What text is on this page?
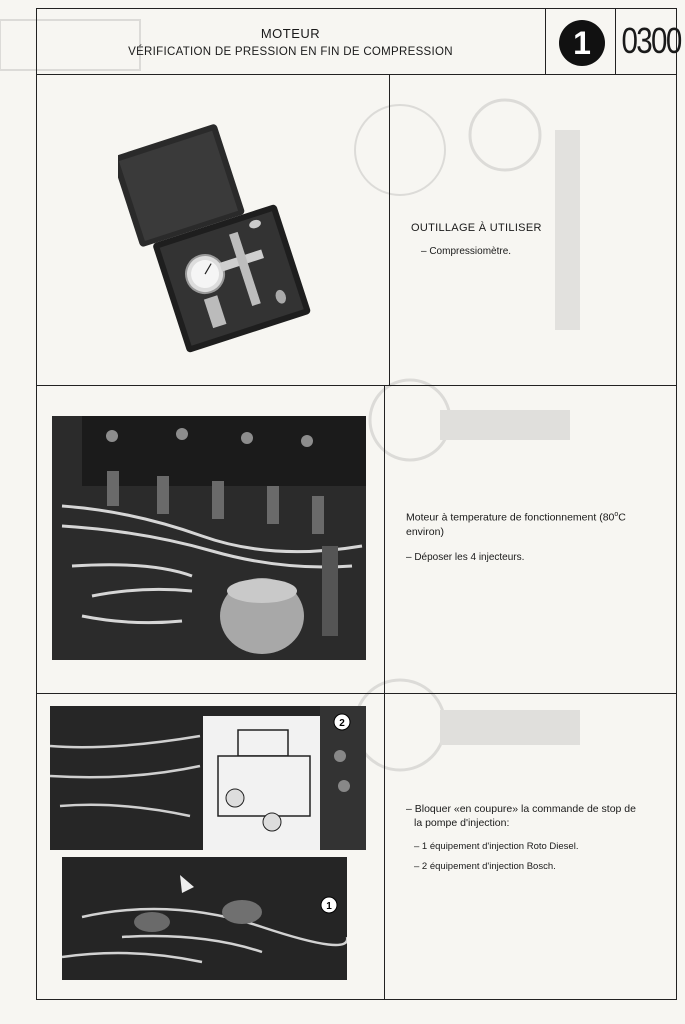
MOTEUR
VÉRIFICATION DE PRESSION EN FIN DE COMPRESSION	1 0300
OUTILLAGE À UTILISER
– Compressiomètre.
Moteur à temperature de fonctionnement (80$^o$C
environ)
– Déposer les 4 injecteurs.
2
1
– Bloquer «en coupure» la commande de stop de
la pompe d'injection:
– 1 équipement d'injection Roto Diesel.
– 2 équipement d'injection Bosch.
